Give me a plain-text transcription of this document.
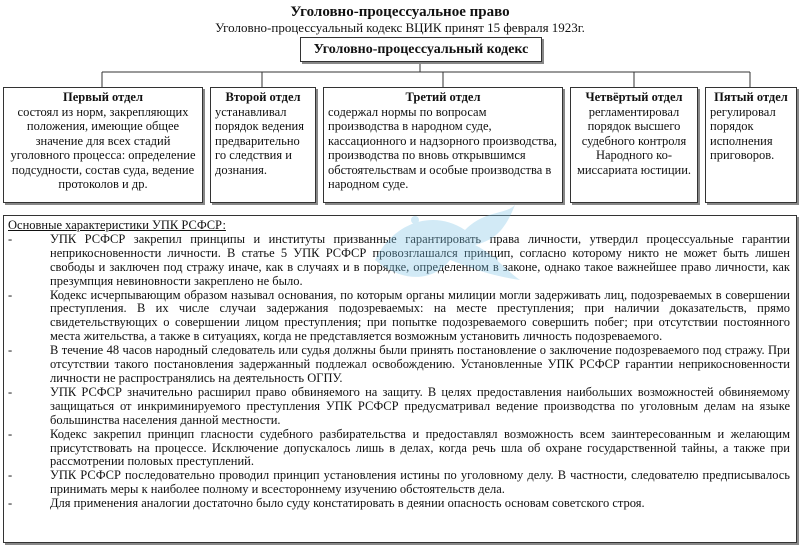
Уголовно-процессуальное право
Уголовно-процессуальный кодекс ВЦИК принят 15 февраля 1923г.
Уголовно-процессуальный кодекс
Первый отдел
состоял из норм, закрепляющих положения, имеющие общее значение для всех стадий уголовного процесса: определение подсудности, состав суда, ведение протоколов и др.
Второй отдел
устанавливал порядок ведения предварительно го следствия и дознания.
Третий отдел
содержал нормы по вопросам производства в народном суде, кассационного и надзорного производства, производства по вновь открывшимся обстоятельствам и особые производства в народном суде.
Четвёртый отдел
регламентировал порядок высшего судебного контроля Народного ко- миссариата юстиции.
Пятый отдел
регулировал порядок исполнения приговоров.
Основные характеристики УПК РСФСР:
-	УПК РСФСР закрепил принципы и институты призванные гарантировать права личности, утвердил процессуальные гарантии неприкосновенности личности. В статье 5 УПК РСФСР провозглашался принцип, согласно которому никто не может быть лишен свободы и заключен под стражу иначе, как в случаях и в порядке, определенном в законе, однако такое важнейшее право личности, как презумпция невиновности закреплено не было.
-	Кодекс исчерпывающим образом называл основания, по которым органы милиции могли задерживать лиц, подозреваемых в совершении преступления. В их числе случаи задержания подозреваемых: на месте преступления; при наличии доказательств, прямо свидетельствующих о совершении лицом преступления; при попытке подозреваемого совершить побег; при отсутствии постоянного места жительства, а также в ситуациях, когда не представляется возможным установить личность подозреваемого.
-	В течение 48 часов народный следователь или судья должны были принять постановление о заключение подозреваемого под стражу. При отсутствии такого постановления задержанный подлежал освобождению. Установленные УПК РСФСР гарантии неприкосновенности личности не распространялись на деятельность ОГПУ.
-	УПК РСФСР значительно расширил право обвиняемого на защиту. В целях предоставления наибольших возможностей обвиняемому защищаться от инкриминируемого преступления УПК РСФСР предусматривал ведение производства по уголовным делам на языке большинства населения данной местности.
-	Кодекс закрепил принцип гласности судебного разбирательства и предоставлял возможность всем заинтересованным и желающим присутствовать на процессе. Исключение допускалось лишь в делах, когда речь шла об охране государственной тайны, а также при рассмотрении половых преступлений.
-	УПК РСФСР последовательно проводил принцип установления истины по уголовному делу. В частности, следователю предписывалось принимать меры к наиболее полному и всестороннему изучению обстоятельств дела.
-	Для применения аналогии достаточно было суду констатировать в деянии опасность основам советского строя.
